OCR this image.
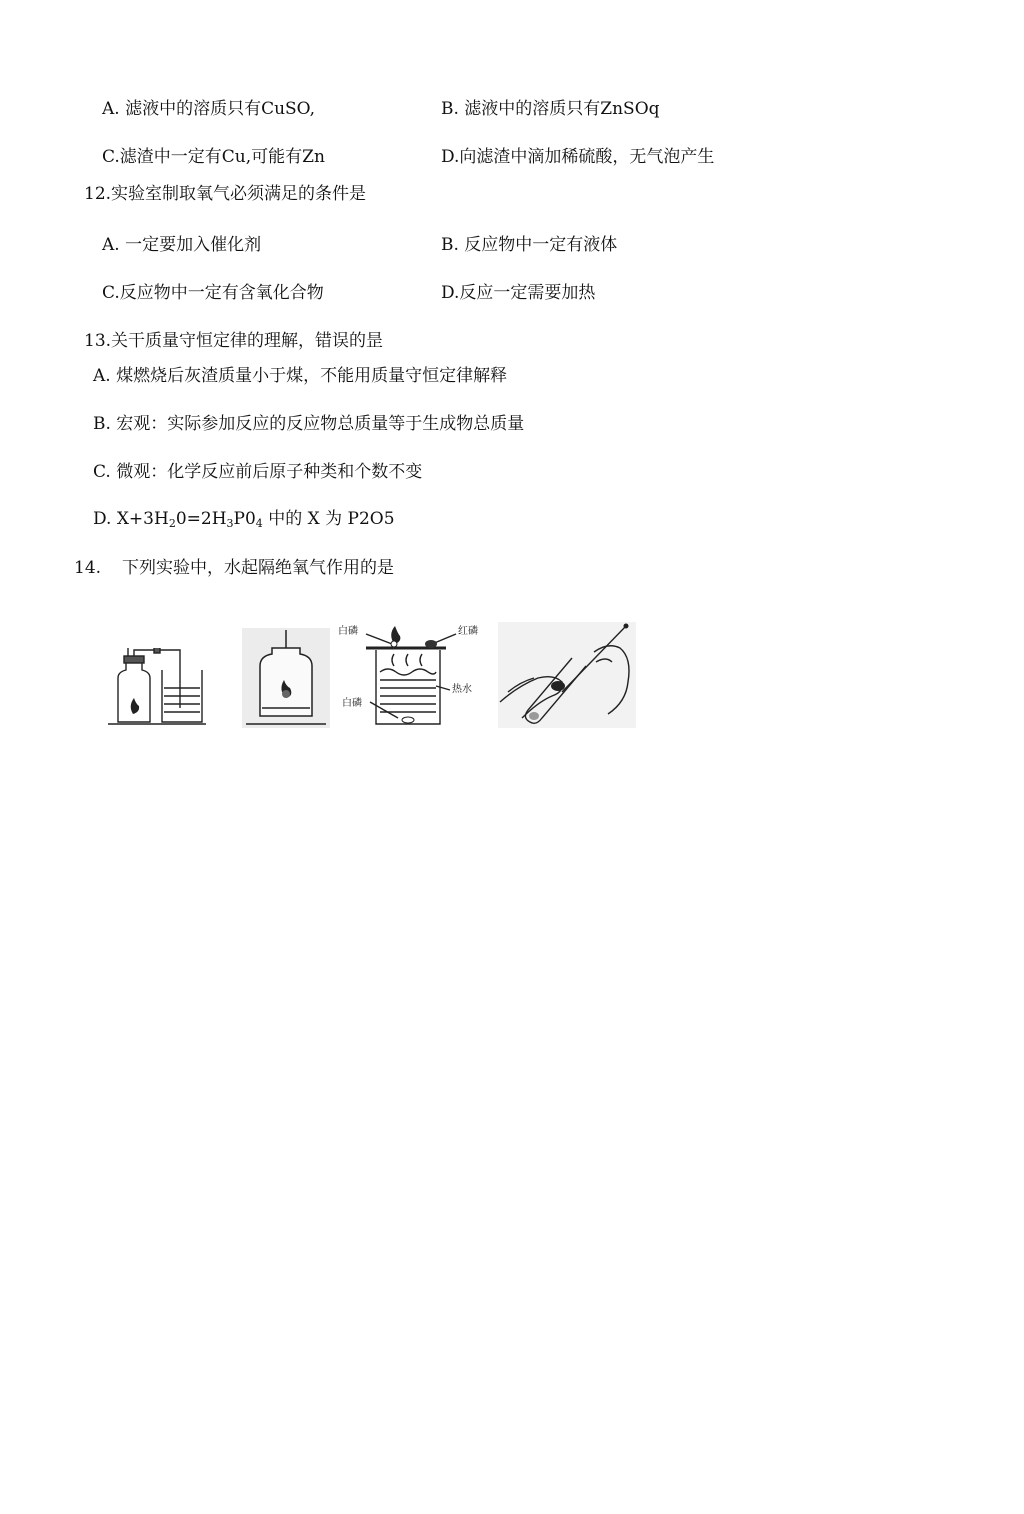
A. 滤液中的溶质只有CuSO,	B. 滤液中的溶质只有ZnSOq
C.滤渣中一定有Cu,可能有Zn	D.向滤渣中滴加稀硫酸，无气泡产生
12.实验室制取氧气必须满足的条件是
A. 一定要加入催化剂	B. 反应物中一定有液体
C.反应物中一定有含氧化合物	D.反应一定需要加热
13.关干质量守恒定律的理解，错误的昰
A. 煤燃烧后灰渣质量小于煤，不能用质量守恒定律解释
B. 宏观：实际参加反应的反应物总质量等于生成物总质量
C. 微观：化学反应前后原子种类和个数不变
D. $X+3H_20=2H_3P0_4$ 中的 X 为 P2O5
14. 下列实验中，水起隔绝氧气作用的是
白磷	红磷
热水
白磷
